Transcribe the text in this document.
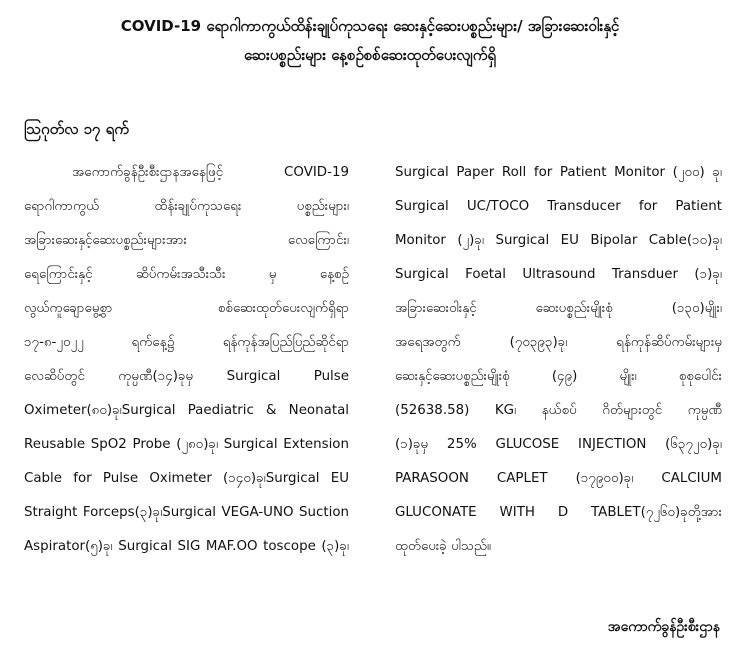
COVID-19 ရောဂါကာကွယ်ထိန်းချုပ်ကုသရေး ဆေးနှင့်ဆေးပစ္စည်းများ/ အခြားဆေးဝါးနှင့်
ဆေးပစ္စည်းများ နေ့စဉ်စစ်ဆေးထုတ်ပေးလျက်ရှိ
ဩဂုတ်လ ၁၇ ရက်
အကောက်ခွန်ဦးစီးဌာနအနေဖြင့် COVID-19
ရောဂါကာကွယ် ထိန်းချုပ်ကုသရေး ပစ္စည်းများ၊
အခြားဆေးနှင့်ဆေးပစ္စည်းများအား လေကြောင်း၊
ရေကြောင်းနှင့် ဆိပ်ကမ်းအသီးသီး မှ နေ့စဉ်
လွယ်ကူချောမွေ့စွာ စစ်ဆေးထုတ်ပေးလျက်ရှိရာ
၁၇-၈-၂၀၂၂ ရက်နေ့၌ ရန်ကုန်အပြည်ပြည်ဆိုင်ရာ
လေဆိပ်တွင် ကုမ္ပဏီ(၁၄)ခုမှ Surgical Pulse
Oximeter(၈၀)ခု၊Surgical Paediatric & Neonatal
Reusable SpO2 Probe (၂၈၀)ခု၊ Surgical Extension
Cable for Pulse Oximeter (၁၄၀)ခု၊Surgical EU
Straight Forceps(၃)ခု၊Surgical VEGA-UNO Suction
Aspirator(၅)ခု၊ Surgical SIG MAF.OO toscope (၃)ခု၊
Surgical Paper Roll for Patient Monitor (၂၀၀) ခု၊
Surgical UC/TOCO Transducer for Patient
Monitor (၂)ခု၊ Surgical EU Bipolar Cable(၁၀)ခု၊
Surgical Foetal Ultrasound Transduer (၁)ခု၊
အခြားဆေးဝါးနှင့် ဆေးပစ္စည်းမျိုးစုံ (၁၃၀)မျိုး၊
အရေအတွက် (၇၀၃၉၃)ခု၊ ရန်ကုန်ဆိပ်ကမ်းများမှ
ဆေးနှင့်ဆေးပစ္စည်းမျိုးစုံ (၄၉) မျိုး၊ စုစုပေါင်း
(52638.58) KG၊ နယ်စပ် ဂိတ်များတွင် ကုမ္ပဏီ
(၁)ခုမှ 25% GLUCOSE INJECTION (၆၃၇၂၀)ခု၊
PARASOON CAPLET (၁၇၉၀၀)ခု၊ CALCIUM
GLUCONATE WITH D TABLET(၇၂၆၀)ခုတို့အား
ထုတ်ပေးခဲ့ ပါသည်။
အကောက်ခွန်ဦးစီးဌာန
